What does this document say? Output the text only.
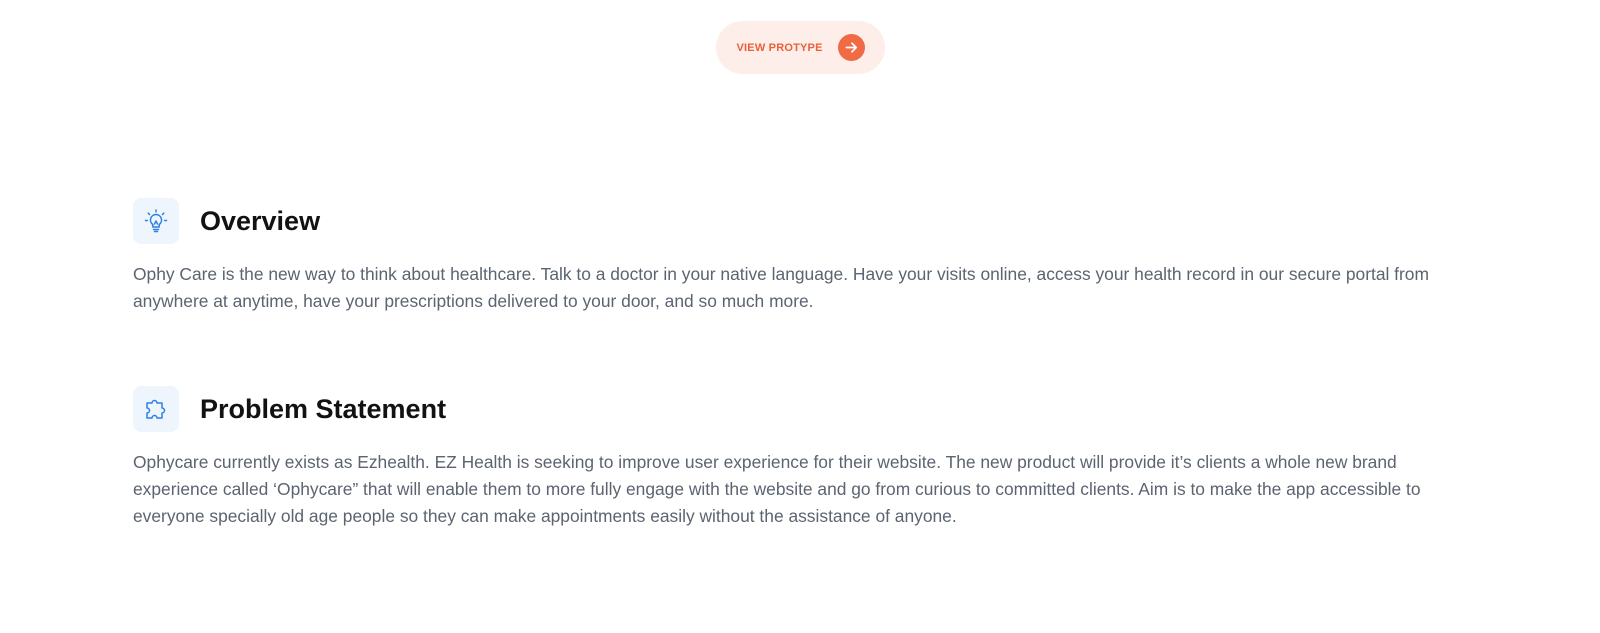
VIEW PROTYPE
Overview

Ophy Care is the new way to think about healthcare. Talk to a doctor in your native language. Have your visits online, access your health record in our secure portal from anywhere at anytime, have your prescriptions delivered to your door, and so much more.

Problem Statement

Ophycare currently exists as Ezhealth. EZ Health is seeking to improve user experience for their website. The new product will provide it’s clients a whole new brand experience called ‘Ophycare” that will enable them to more fully engage with the website and go from curious to committed clients. Aim is to make the app accessible to everyone specially old age people so they can make appointments easily without the assistance of anyone.
